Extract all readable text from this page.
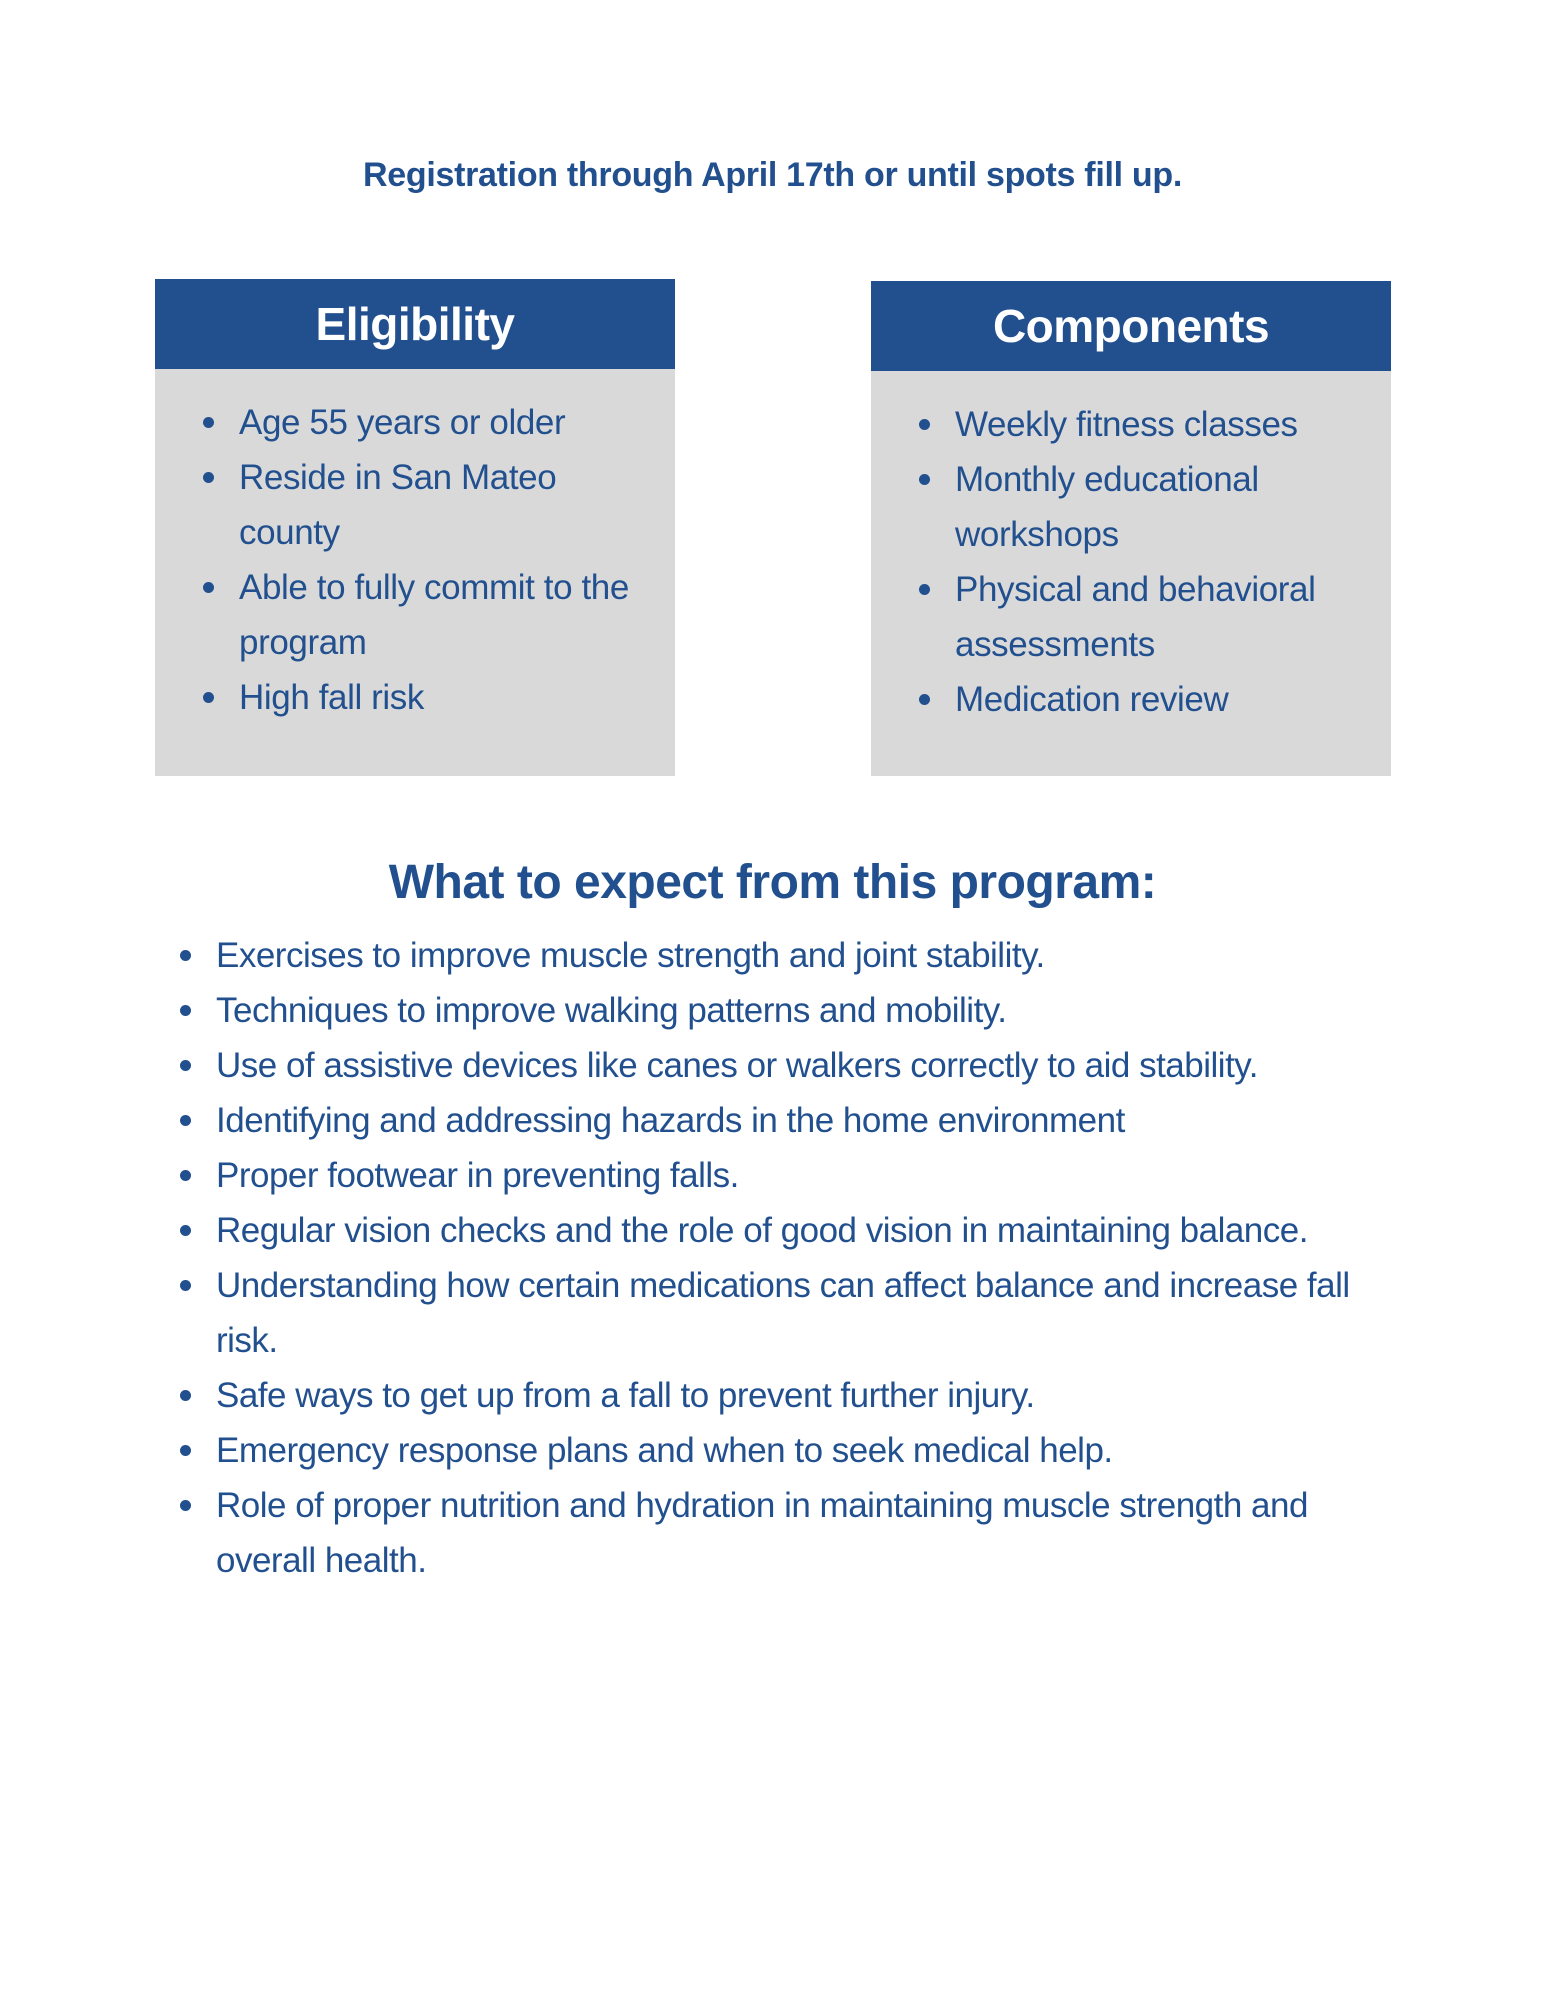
Registration through April 17th or until spots fill up.

Eligibility
Age 55 years or older
Reside in San Mateo county
Able to fully commit to the program
High fall risk
Components
Weekly fitness classes
Monthly educational workshops
Physical and behavioral assessments
Medication review
What to expect from this program:
Exercises to improve muscle strength and joint stability.
Techniques to improve walking patterns and mobility.
Use of assistive devices like canes or walkers correctly to aid stability.
Identifying and addressing hazards in the home environment
Proper footwear in preventing falls.
Regular vision checks and the role of good vision in maintaining balance.
Understanding how certain medications can affect balance and increase fall risk.
Safe ways to get up from a fall to prevent further injury.
Emergency response plans and when to seek medical help.
Role of proper nutrition and hydration in maintaining muscle strength and overall health.
